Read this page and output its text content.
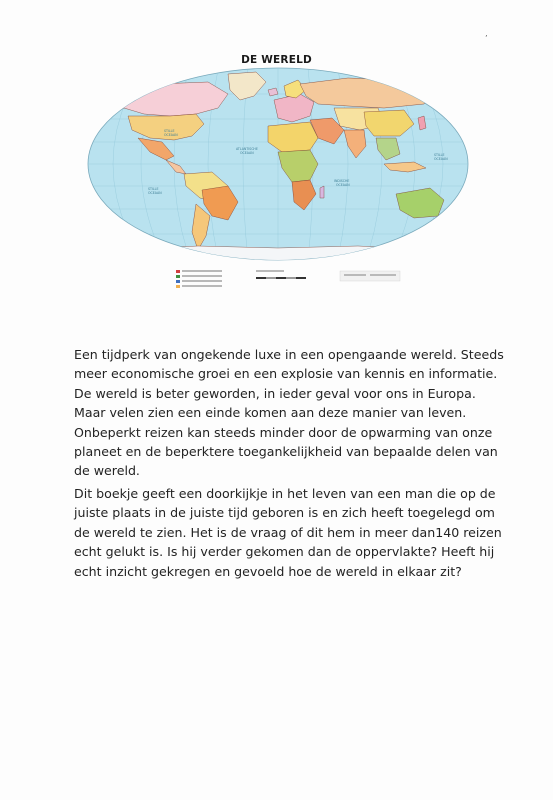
’
DE WERELD
STILLE
OCEAAN
ATLANTISCHE
OCEAAN
INDISCHE
OCEAAN
STILLE
OCEAAN
STILLE
OCEAAN

Een tijdperk van ongekende luxe in een opengaande wereld. Steeds meer economische groei en een explosie van kennis en informatie. De wereld is beter geworden, in ieder geval voor ons in Europa. Maar velen zien een einde komen aan deze manier van leven. Onbeperkt reizen kan steeds minder door de opwarming van onze planeet en de beperktere toegankelijkheid van bepaalde delen van de wereld.

Dit boekje geeft een doorkijkje in het leven van een man die op de juiste plaats in de juiste tijd geboren is en zich heeft toegelegd om de wereld te zien. Het is de vraag of dit hem in meer dan140 reizen echt gelukt is. Is hij verder gekomen dan de oppervlakte? Heeft hij echt inzicht gekregen en gevoeld hoe de wereld in elkaar zit?
